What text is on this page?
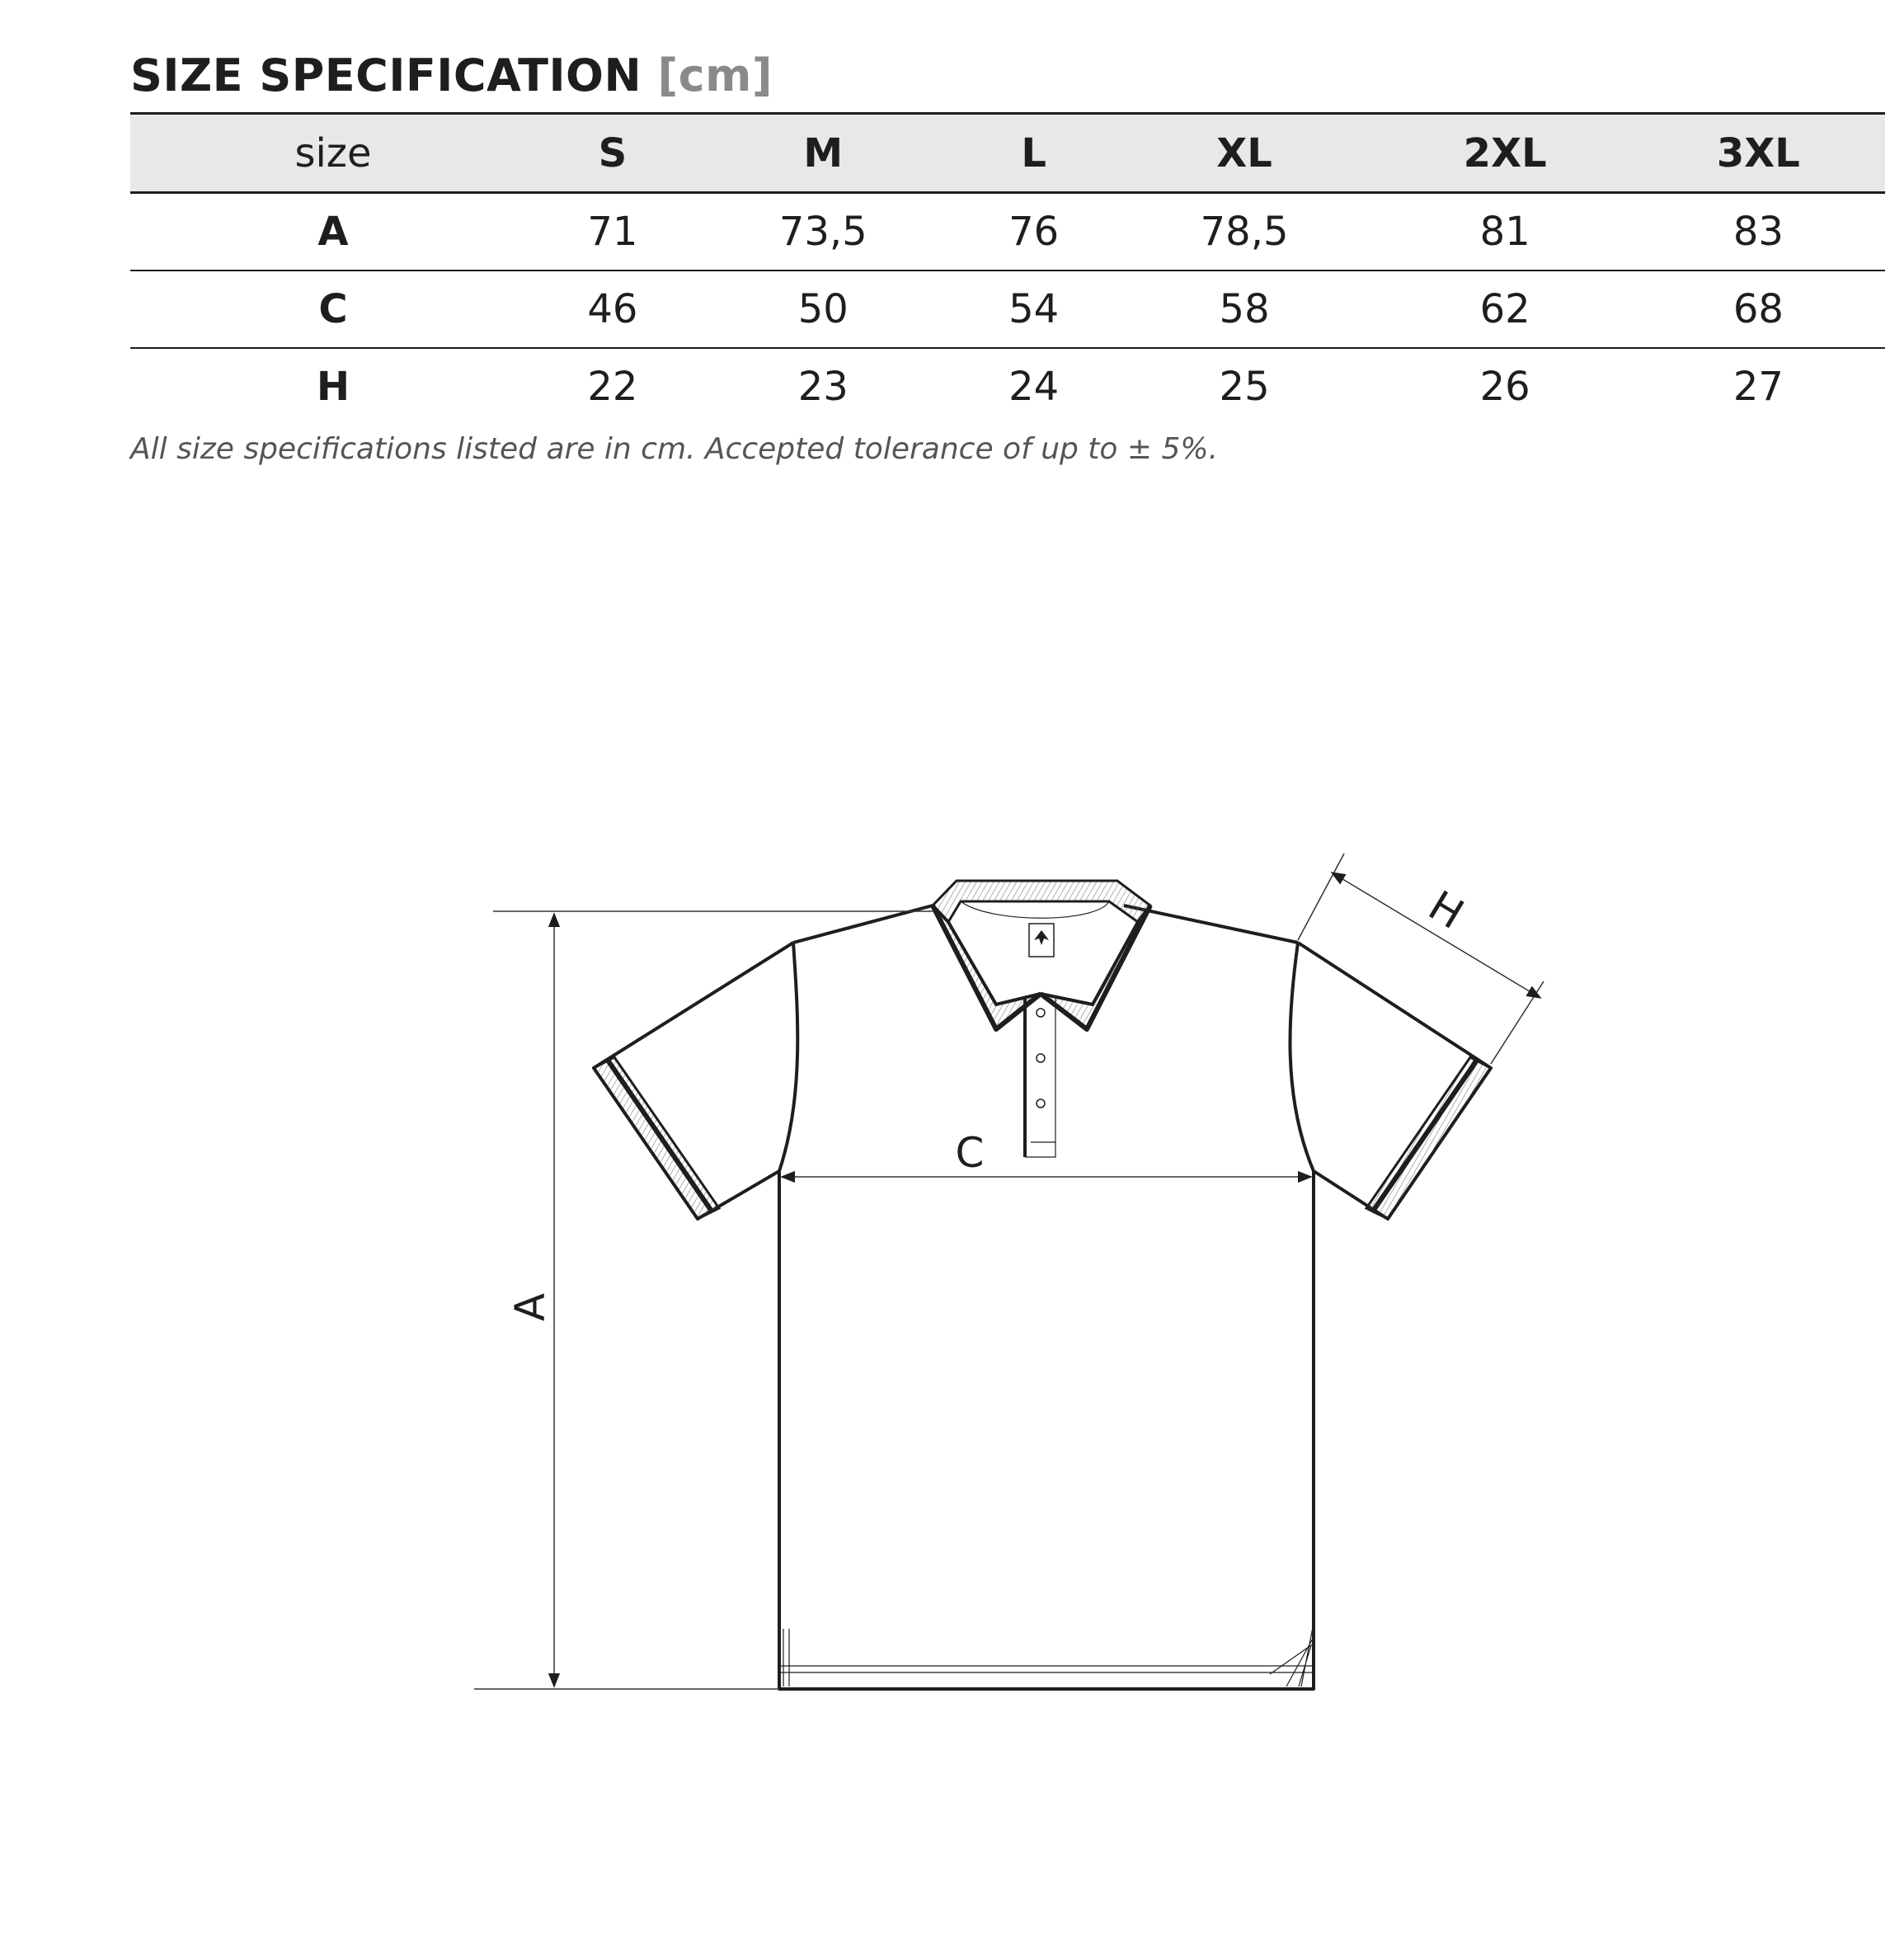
SIZE SPECIFICATION [cm]
size	S	M	L	XL	2XL	3XL
A	71	73,5	76	78,5	81	83
C	46	50	54	58	62	68
H	22	23	24	25	26	27
All size specifications listed are in cm. Accepted tolerance of up to ± 5%.
A
C
H
